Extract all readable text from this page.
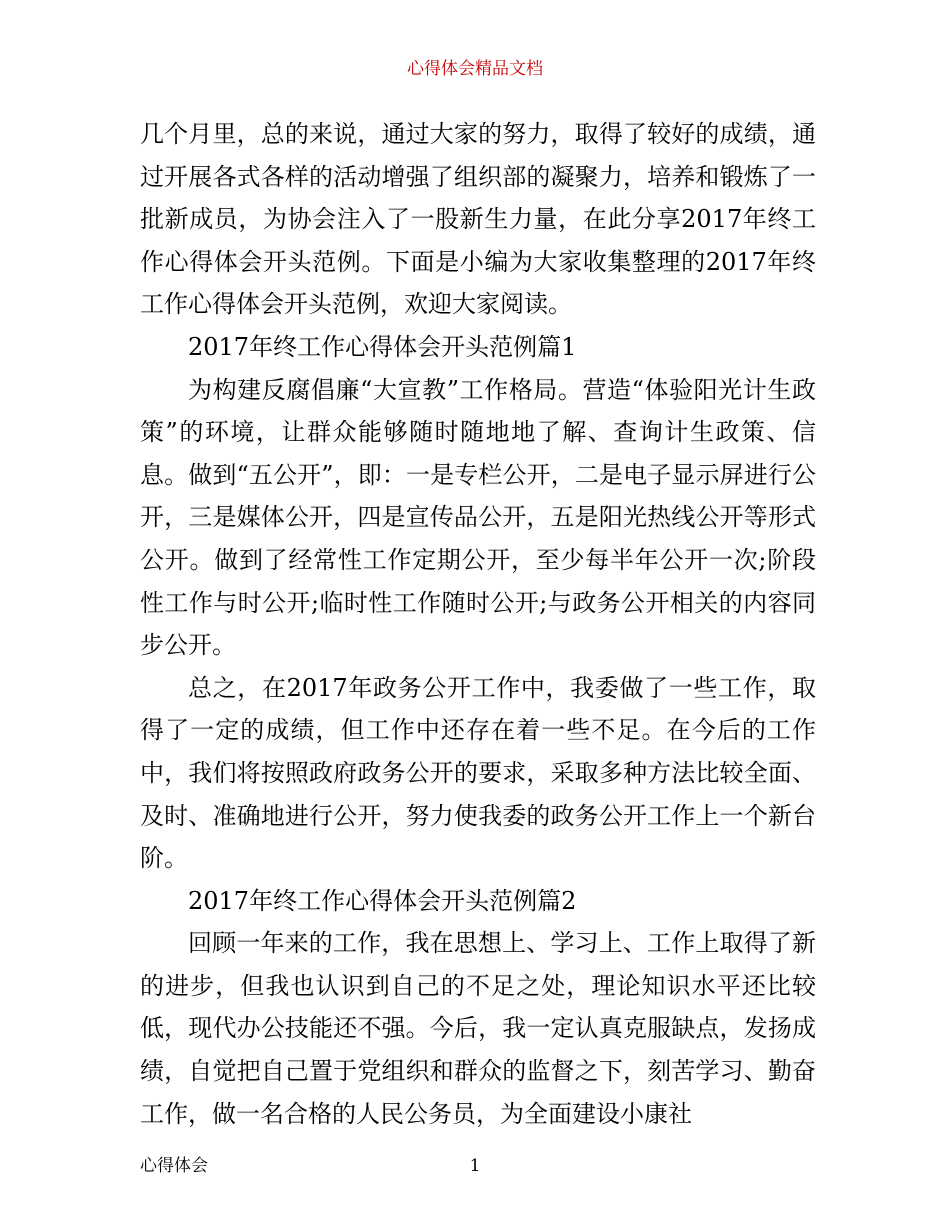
心得体会精品文档

几个月里，总的来说，通过大家的努力，取得了较好的成绩，通过开展各式各样的活动增强了组织部的凝聚力，培养和锻炼了一批新成员，为协会注入了一股新生力量，在此分享2017年终工作心得体会开头范例。下面是小编为大家收集整理的2017年终工作心得体会开头范例，欢迎大家阅读。

2017年终工作心得体会开头范例篇1

为构建反腐倡廉“大宣教”工作格局。营造“体验阳光计生政策”的环境，让群众能够随时随地地了解、查询计生政策、信息。做到“五公开”，即：一是专栏公开，二是电子显示屏进行公开，三是媒体公开，四是宣传品公开，五是阳光热线公开等形式公开。做到了经常性工作定期公开，至少每半年公开一次;阶段性工作与时公开;临时性工作随时公开;与政务公开相关的内容同步公开。

总之，在2017年政务公开工作中，我委做了一些工作，取得了一定的成绩，但工作中还存在着一些不足。在今后的工作中，我们将按照政府政务公开的要求，采取多种方法比较全面、及时、准确地进行公开，努力使我委的政务公开工作上一个新台阶。

2017年终工作心得体会开头范例篇2

回顾一年来的工作，我在思想上、学习上、工作上取得了新的进步，但我也认识到自己的不足之处，理论知识水平还比较低，现代办公技能还不强。今后，我一定认真克服缺点，发扬成绩，自觉把自己置于党组织和群众的监督之下，刻苦学习、勤奋工作，做一名合格的人民公务员，为全面建设小康社

心得体会	1
